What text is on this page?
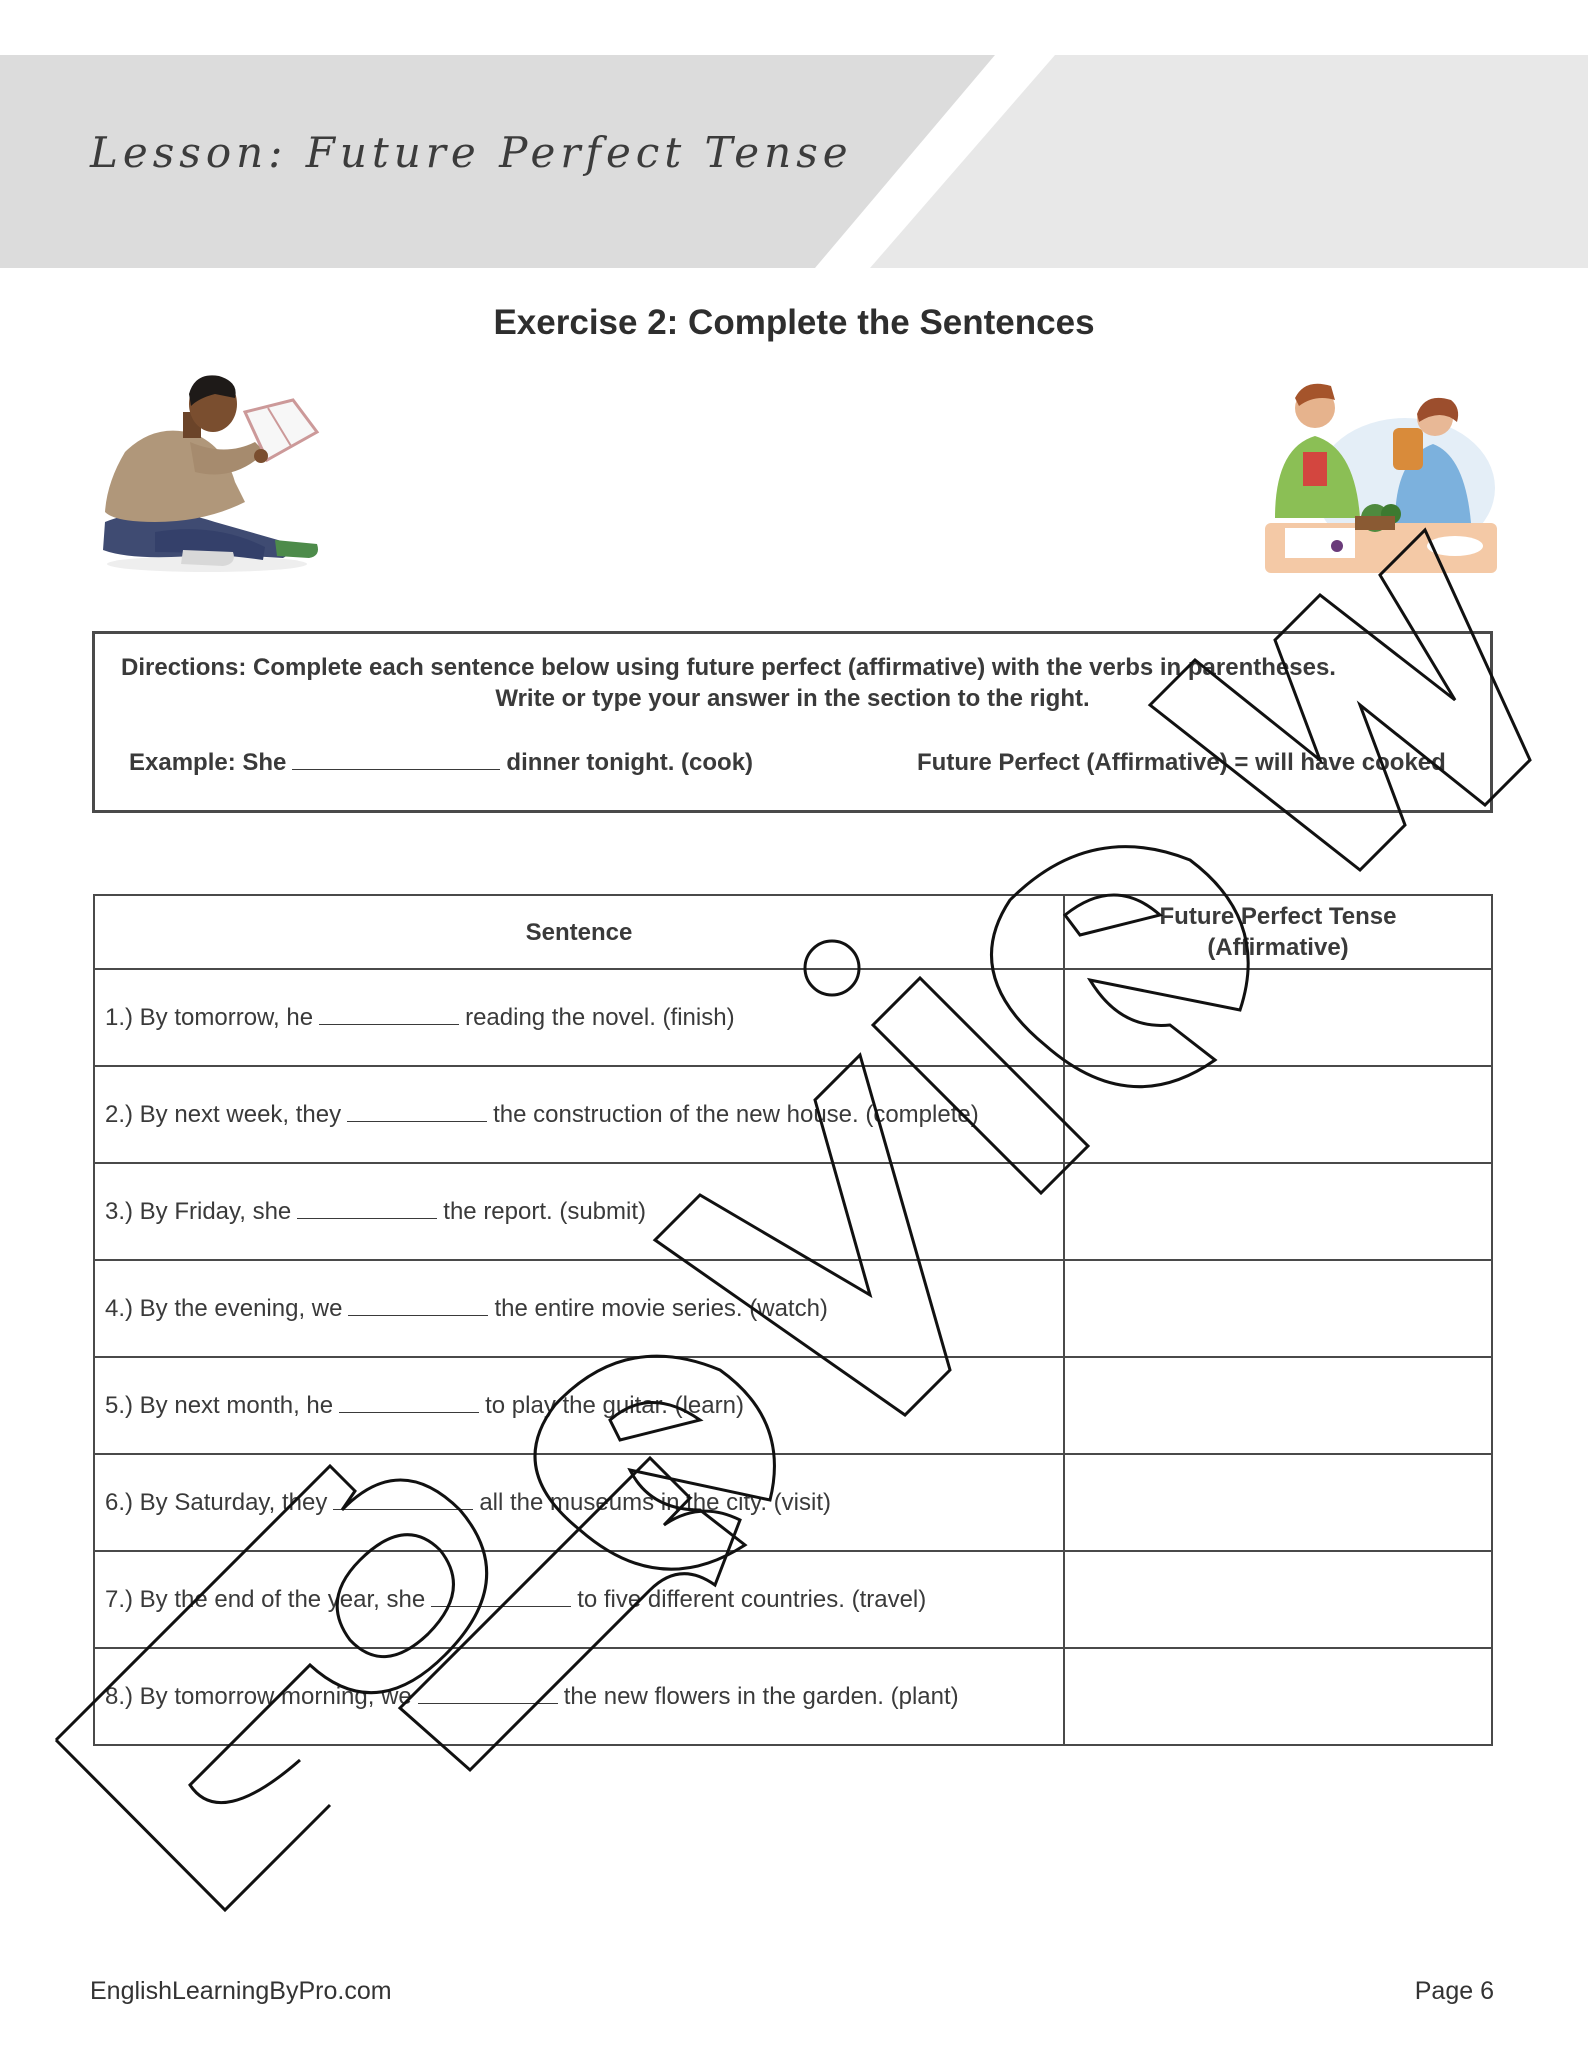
Lesson: Future Perfect Tense
Exercise 2: Complete the Sentences
Directions: Complete each sentence below using future perfect (affirmative) with the verbs in parentheses.
Write or type your answer in the section to the right.
Example: She	dinner tonight. (cook)	Future Perfect (Affirmative) = will have cooked
Sentence	Future Perfect Tense (Affirmative)

1.) By tomorrow, he reading the novel. (finish)	
2.) By next week, they the construction of the new house. (complete)	
3.) By Friday, she the report. (submit)	
4.) By the evening, we the entire movie series. (watch)	
5.) By next month, he to play the guitar. (learn)	
6.) By Saturday, they all the museums in the city. (visit)	
7.) By the end of the year, she to five different countries. (travel)	
8.) By tomorrow morning, we the new flowers in the garden. (plant)	
EnglishLearningByPro.com	Page 6
